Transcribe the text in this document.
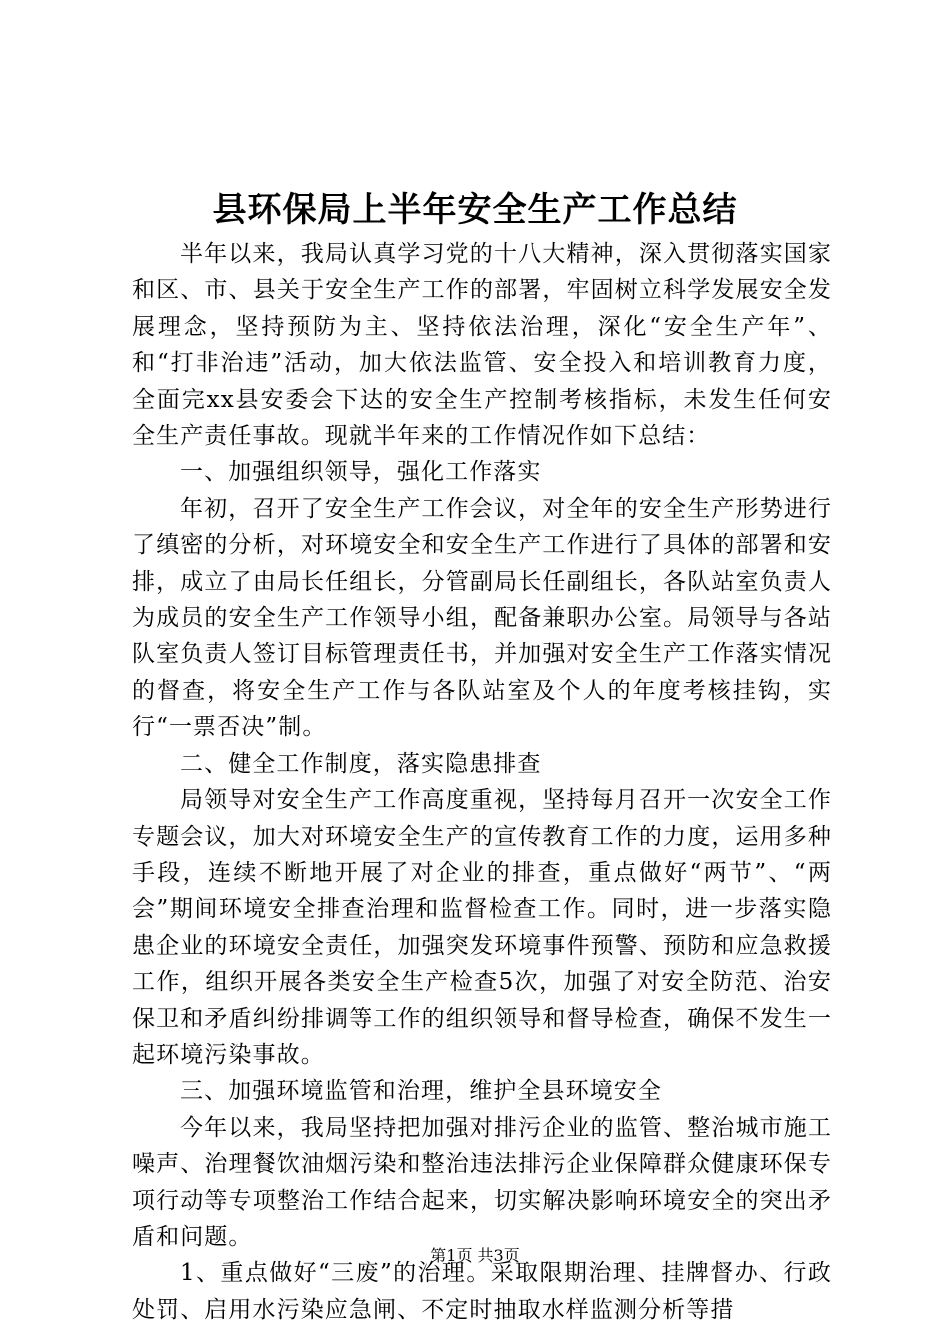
县环保局上半年安全生产工作总结

半年以来，我局认真学习党的十八大精神，深入贯彻落实国家和区、市、县关于安全生产工作的部署，牢固树立科学发展安全发展理念，坚持预防为主、坚持依法治理，深化“安全生产年”、和“打非治违”活动，加大依法监管、安全投入和培训教育力度，全面完xx县安委会下达的安全生产控制考核指标，未发生任何安全生产责任事故。现就半年来的工作情况作如下总结：

一、加强组织领导，强化工作落实

年初，召开了安全生产工作会议，对全年的安全生产形势进行了缜密的分析，对环境安全和安全生产工作进行了具体的部署和安排，成立了由局长任组长，分管副局长任副组长，各队站室负责人为成员的安全生产工作领导小组，配备兼职办公室。局领导与各站队室负责人签订目标管理责任书，并加强对安全生产工作落实情况的督查，将安全生产工作与各队站室及个人的年度考核挂钩，实行“一票否决”制。

二、健全工作制度，落实隐患排查

局领导对安全生产工作高度重视，坚持每月召开一次安全工作专题会议，加大对环境安全生产的宣传教育工作的力度，运用多种手段，连续不断地开展了对企业的排查，重点做好“两节”、“两会”期间环境安全排查治理和监督检查工作。同时，进一步落实隐患企业的环境安全责任，加强突发环境事件预警、预防和应急救援工作，组织开展各类安全生产检查5次，加强了对安全防范、治安保卫和矛盾纠纷排调等工作的组织领导和督导检查，确保不发生一起环境污染事故。

三、加强环境监管和治理，维护全县环境安全

今年以来，我局坚持把加强对排污企业的监管、整治城市施工噪声、治理餐饮油烟污染和整治违法排污企业保障群众健康环保专项行动等专项整治工作结合起来，切实解决影响环境安全的突出矛盾和问题。

1、重点做好“三废”的治理。采取限期治理、挂牌督办、行政处罚、启用水污染应急闸、不定时抽取水样监测分析等措

第1页 共3页
